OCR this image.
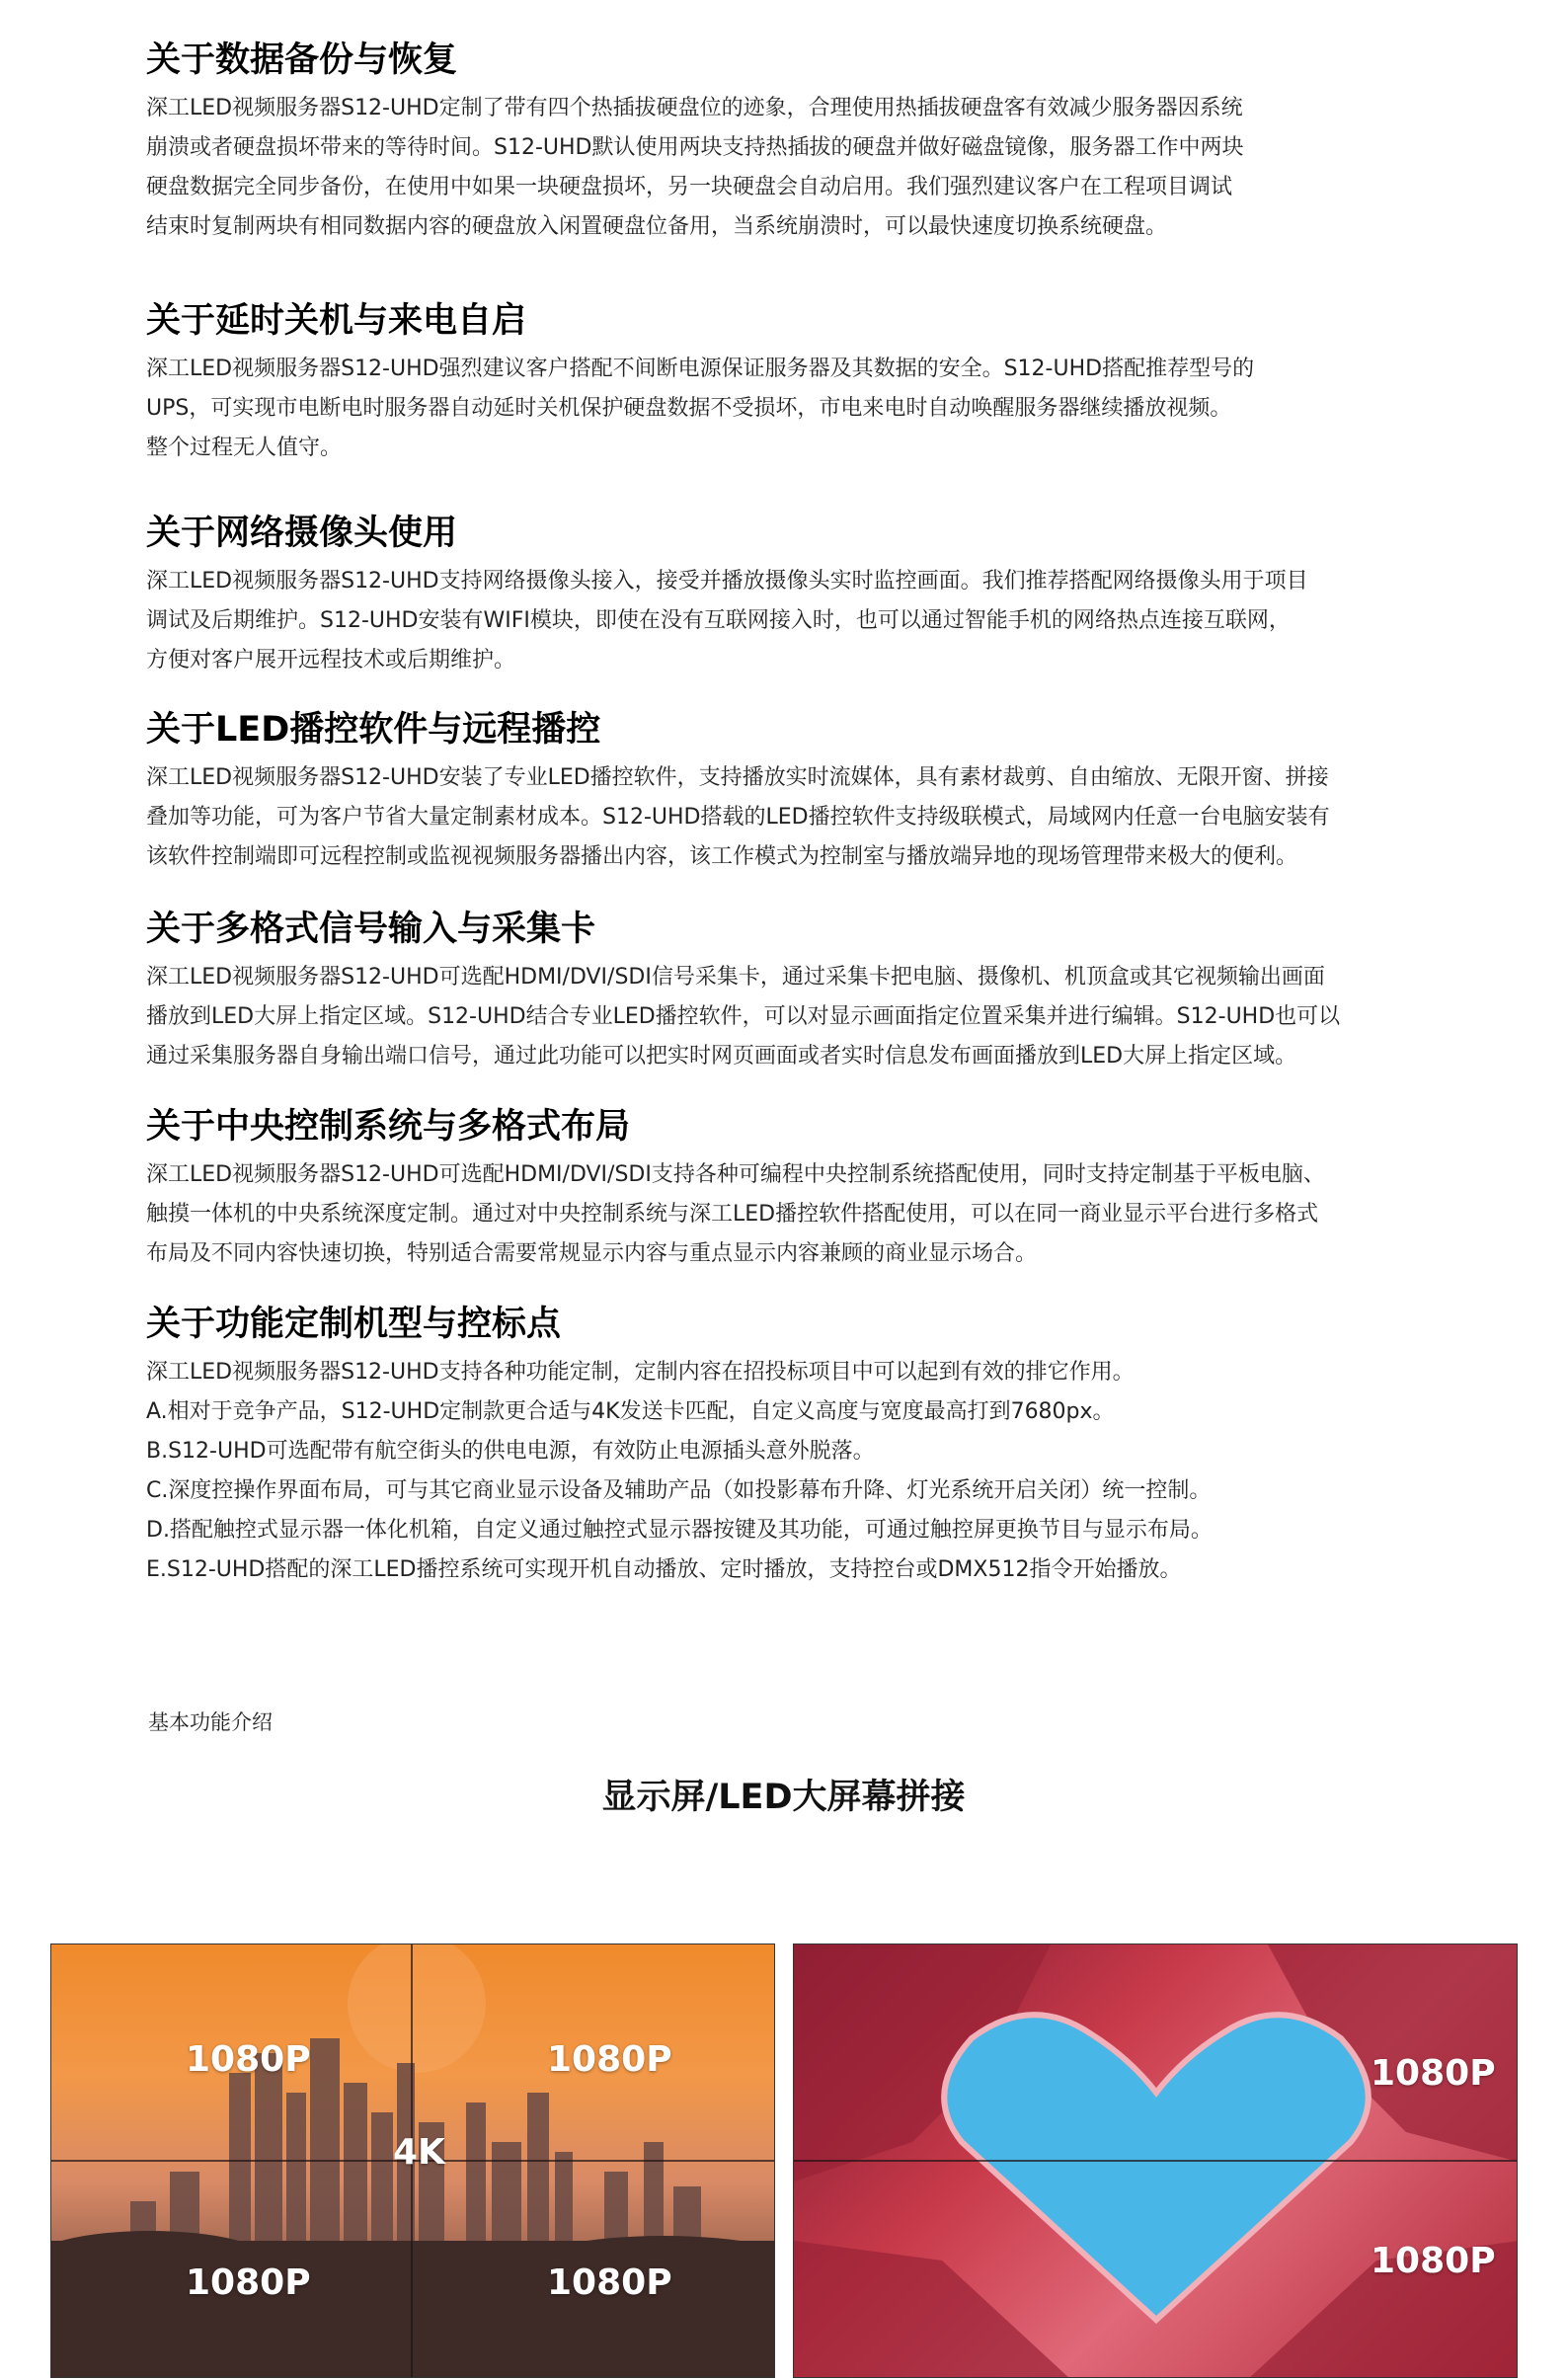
关于数据备份与恢复

深工LED视频服务器S12-UHD定制了带有四个热插拔硬盘位的迹象，合理使用热插拔硬盘客有效减少服务器因系统
崩溃或者硬盘损坏带来的等待时间。S12-UHD默认使用两块支持热插拔的硬盘并做好磁盘镜像，服务器工作中两块
硬盘数据完全同步备份，在使用中如果一块硬盘损坏，另一块硬盘会自动启用。我们强烈建议客户在工程项目调试
结束时复制两块有相同数据内容的硬盘放入闲置硬盘位备用，当系统崩溃时，可以最快速度切换系统硬盘。

关于延时关机与来电自启

深工LED视频服务器S12-UHD强烈建议客户搭配不间断电源保证服务器及其数据的安全。S12-UHD搭配推荐型号的
UPS，可实现市电断电时服务器自动延时关机保护硬盘数据不受损坏，市电来电时自动唤醒服务器继续播放视频。
整个过程无人值守。

关于网络摄像头使用

深工LED视频服务器S12-UHD支持网络摄像头接入，接受并播放摄像头实时监控画面。我们推荐搭配网络摄像头用于项目
调试及后期维护。S12-UHD安装有WIFI模块，即使在没有互联网接入时，也可以通过智能手机的网络热点连接互联网，
方便对客户展开远程技术或后期维护。

关于LED播控软件与远程播控

深工LED视频服务器S12-UHD安装了专业LED播控软件，支持播放实时流媒体，具有素材裁剪、自由缩放、无限开窗、拼接
叠加等功能，可为客户节省大量定制素材成本。S12-UHD搭载的LED播控软件支持级联模式，局域网内任意一台电脑安装有
该软件控制端即可远程控制或监视视频服务器播出内容，该工作模式为控制室与播放端异地的现场管理带来极大的便利。

关于多格式信号输入与采集卡

深工LED视频服务器S12-UHD可选配HDMI/DVI/SDI信号采集卡，通过采集卡把电脑、摄像机、机顶盒或其它视频输出画面
播放到LED大屏上指定区域。S12-UHD结合专业LED播控软件，可以对显示画面指定位置采集并进行编辑。S12-UHD也可以
通过采集服务器自身输出端口信号，通过此功能可以把实时网页画面或者实时信息发布画面播放到LED大屏上指定区域。

关于中央控制系统与多格式布局

深工LED视频服务器S12-UHD可选配HDMI/DVI/SDI支持各种可编程中央控制系统搭配使用，同时支持定制基于平板电脑、
触摸一体机的中央系统深度定制。通过对中央控制系统与深工LED播控软件搭配使用，可以在同一商业显示平台进行多格式
布局及不同内容快速切换，特别适合需要常规显示内容与重点显示内容兼顾的商业显示场合。

关于功能定制机型与控标点

深工LED视频服务器S12-UHD支持各种功能定制，定制内容在招投标项目中可以起到有效的排它作用。
A.相对于竞争产品，S12-UHD定制款更合适与4K发送卡匹配，自定义高度与宽度最高打到7680px。
B.S12-UHD可选配带有航空街头的供电电源，有效防止电源插头意外脱落。
C.深度控操作界面布局，可与其它商业显示设备及辅助产品（如投影幕布升降、灯光系统开启关闭）统一控制。
D.搭配触控式显示器一体化机箱，自定义通过触控式显示器按键及其功能，可通过触控屏更换节目与显示布局。
E.S12-UHD搭配的深工LED播控系统可实现开机自动播放、定时播放，支持控台或DMX512指令开始播放。

基本功能介绍
显示屏/LED大屏幕拼接
1080P	1080P
4K
1080P	1080P
1080P
1080P
